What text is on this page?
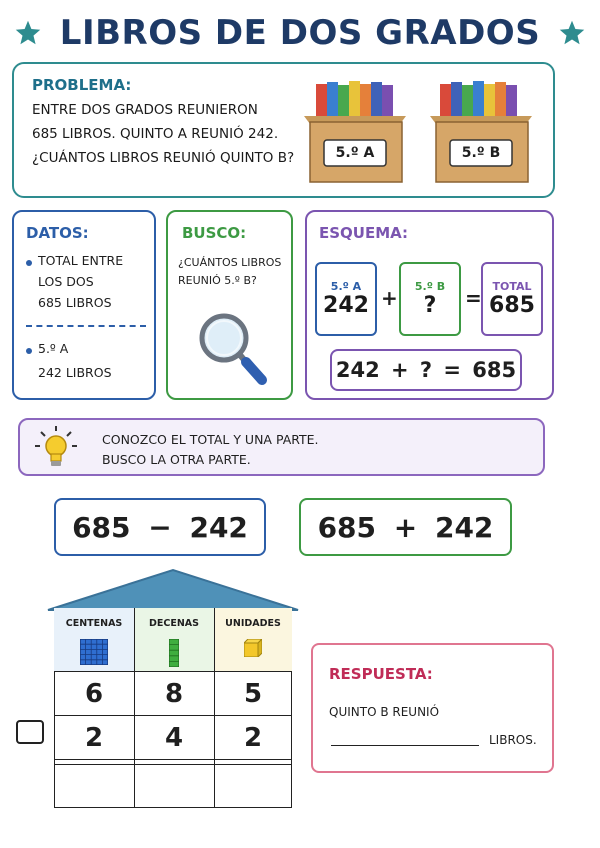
LIBROS DE DOS GRADOS
PROBLEMA:
ENTRE DOS GRADOS REUNIERON
685 LIBROS. QUINTO A REUNIÓ 242.
¿CUÁNTOS LIBROS REUNIÓ QUINTO B?	5.º A	5.º B
DATOS:
TOTAL ENTRE
LOS DOS
685 LIBROS
5.º A
242 LIBROS
BUSCO:
¿CUÁNTOS LIBROS
REUNIÓ 5.º B?
ESQUEMA:
5.º A
242 + 5.º B
? = TOTAL
685
242 + ? = 685
CONOZCO EL TOTAL Y UNA PARTE.
BUSCO LA OTRA PARTE.
685 − 242	685 + 242
CENTENAS	DECENAS	UNIDADES
6	8	5
2	4	2
RESPUESTA:
QUINTO B REUNIÓ
LIBROS.
